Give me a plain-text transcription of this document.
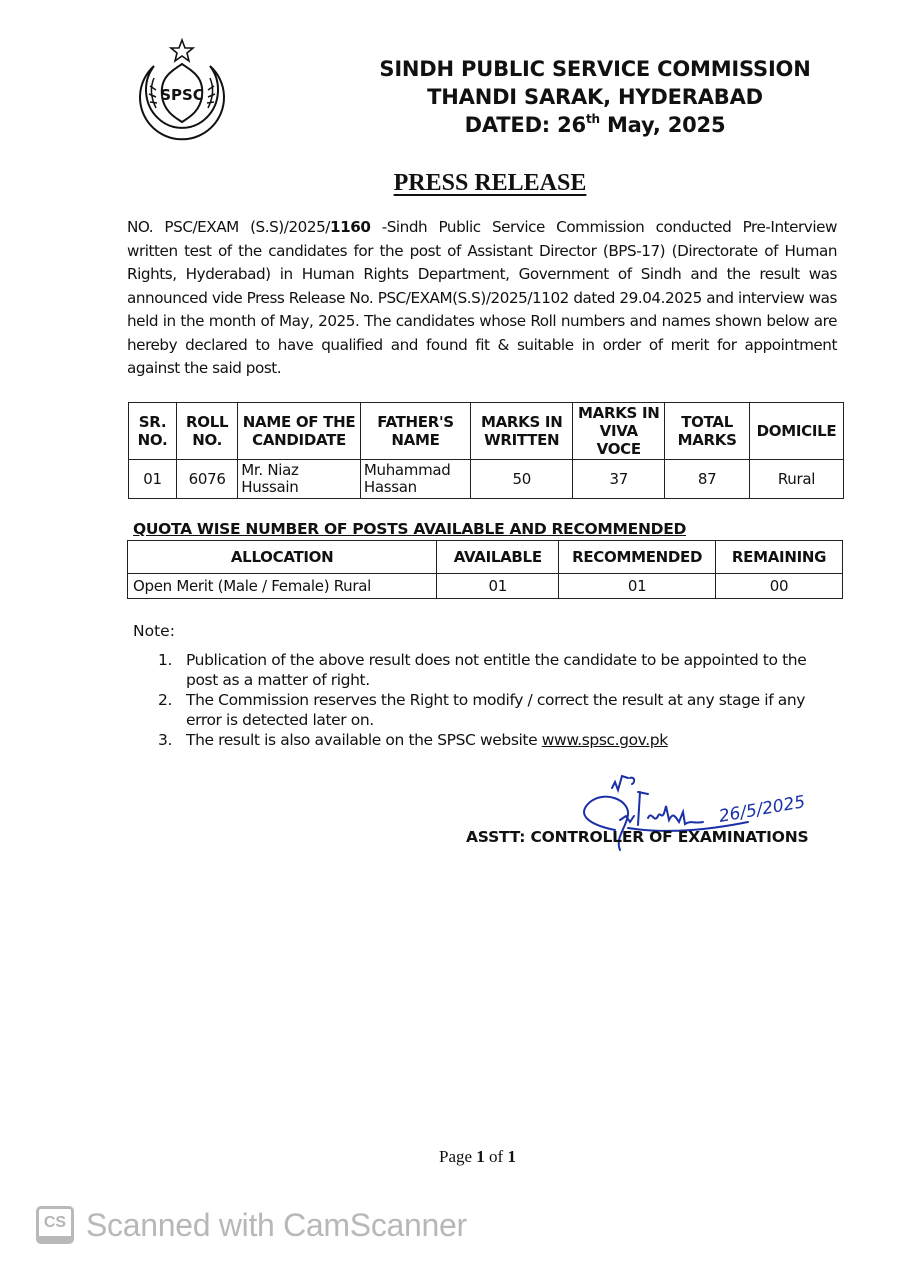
SPSC
SINDH PUBLIC SERVICE COMMISSION
THANDI SARAK, HYDERABAD
DATED: 26th May, 2025
PRESS RELEASE
NO. PSC/EXAM (S.S)/2025/1160 -Sindh Public Service Commission conducted Pre-Interview written test of the candidates for the post of Assistant Director (BPS-17) (Directorate of Human Rights, Hyderabad) in Human Rights Department, Government of Sindh and the result was announced vide Press Release No. PSC/EXAM(S.S)/2025/1102 dated 29.04.2025 and interview was held in the month of May, 2025. The candidates whose Roll numbers and names shown below are hereby declared to have qualified and found fit & suitable in order of merit for appointment against the said post.
SR. NO.	ROLL NO.	NAME OF THE CANDIDATE	FATHER'S NAME	MARKS IN WRITTEN	MARKS IN VIVA VOCE	TOTAL MARKS	DOMICILE
01	6076	Mr. Niaz Hussain	Muhammad Hassan	50	37	87	Rural
QUOTA WISE NUMBER OF POSTS AVAILABLE AND RECOMMENDED
ALLOCATION	AVAILABLE	RECOMMENDED	REMAINING
Open Merit (Male / Female) Rural	01	01	00
Note:
1. Publication of the above result does not entitle the candidate to be appointed to the post as a matter of right.
2. The Commission reserves the Right to modify / correct the result at any stage if any error is detected later on.
3. The result is also available on the SPSC website www.spsc.gov.pk
26/5/2025
ASSTT: CONTROLLER OF EXAMINATIONS
Page 1 of 1
CS Scanned with CamScanner
